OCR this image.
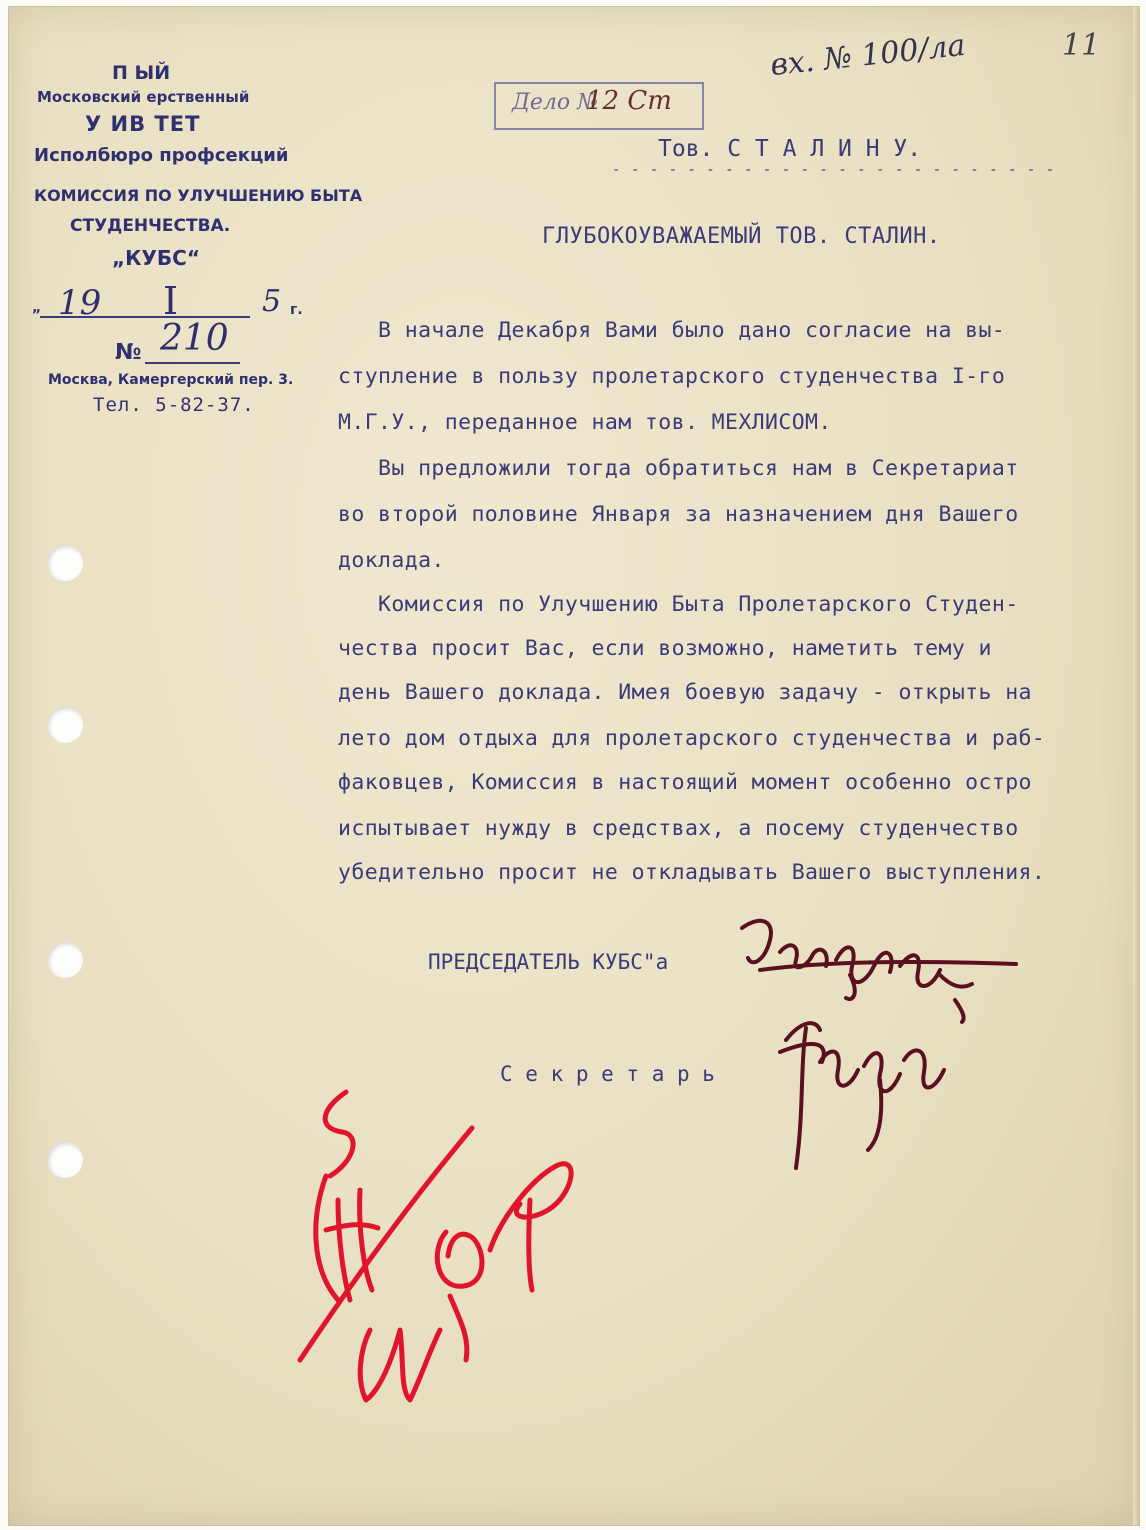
П ЫЙ
Московский ерственный
У ИВ ТЕТ
Исполбюро профсекций
КОМИССИЯ ПО УЛУЧШЕНИЮ БЫТА
СТУДЕНЧЕСТВА.
„КУБС“
„ 19 I	5 г.
№ 210
Москва, Камергерский пер. 3.
Тел. 5-82-37.
Дело №
12 Ст
вх. № 100/ла	11
Тов. С Т А Л И Н У.
- - - - - - - - - - - - - - - - - - - - - - - -
ГЛУБОКОУВАЖАЕМЫЙ ТОВ. СТАЛИН.
В начале Декабря Вами было дано согласие на вы-
ступление в пользу пролетарского студенчества I-го
М.Г.У., переданное нам тов. МЕХЛИСОМ.
Вы предложили тогда обратиться нам в Секретариат
во второй половине Января за назначением дня Вашего
доклада.
Комиссия по Улучшению Быта Пролетарского Студен-
чества просит Вас, если возможно, наметить тему и
день Вашего доклада. Имея боевую задачу - открыть на
лето дом отдыха для пролетарского студенчества и раб-
факовцев, Комиссия в настоящий момент особенно остро
испытывает нужду в средствах, а посему студенчество
убедительно просит не откладывать Вашего выступления.
ПРЕДСЕДАТЕЛЬ КУБС"а
С е к р е т а р ь
